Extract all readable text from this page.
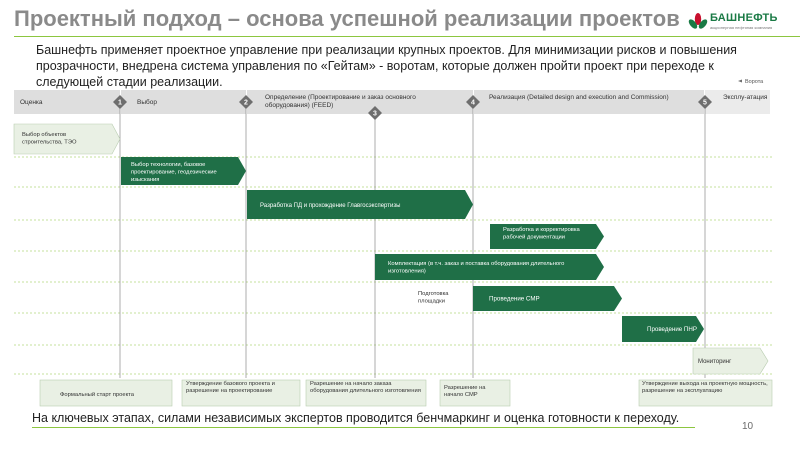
Проектный подход – основа успешной реализации проектов	БАШНЕФТЬ
акционерная нефтяная компания
Башнефть применяет проектное управление при реализации крупных проектов. Для минимизации рисков и повышения прозрачности, внедрена система управления по «Гейтам» - воротам, которые должен пройти проект при переходе к следующей стадии реализации.
Оценка	Выбор
Определение (Проектирование и заказ основного оборудования) (FEED)
Реализация (Detailed design and execution and Commission)	Эксплу-атация
Ворота
1	2
3
4	5
Выбор объектов строительства, ТЭО
Выбор технологии, базовое проектирование, геодезические изыскания
Разработка ПД и прохождение Главгосэкспертизы
Разработка и корректировка рабочей документации
Комплектация (в т.ч. заказ и поставка оборудования длительного изготовления)
Подготовка площадки	Проведение СМР
Проведение ПНР
Мониторинг
Формальный старт проекта
Утверждение базового проекта и разрешение на проектирование
Разрешение на начало заказа оборудования длительного изготовления	Разрешение на начало СМР
Утверждение выхода на проектную мощность, разрешение на эксплуатацию
На ключевых этапах, силами независимых экспертов проводится бенчмаркинг и оценка готовности к переходу.
10
